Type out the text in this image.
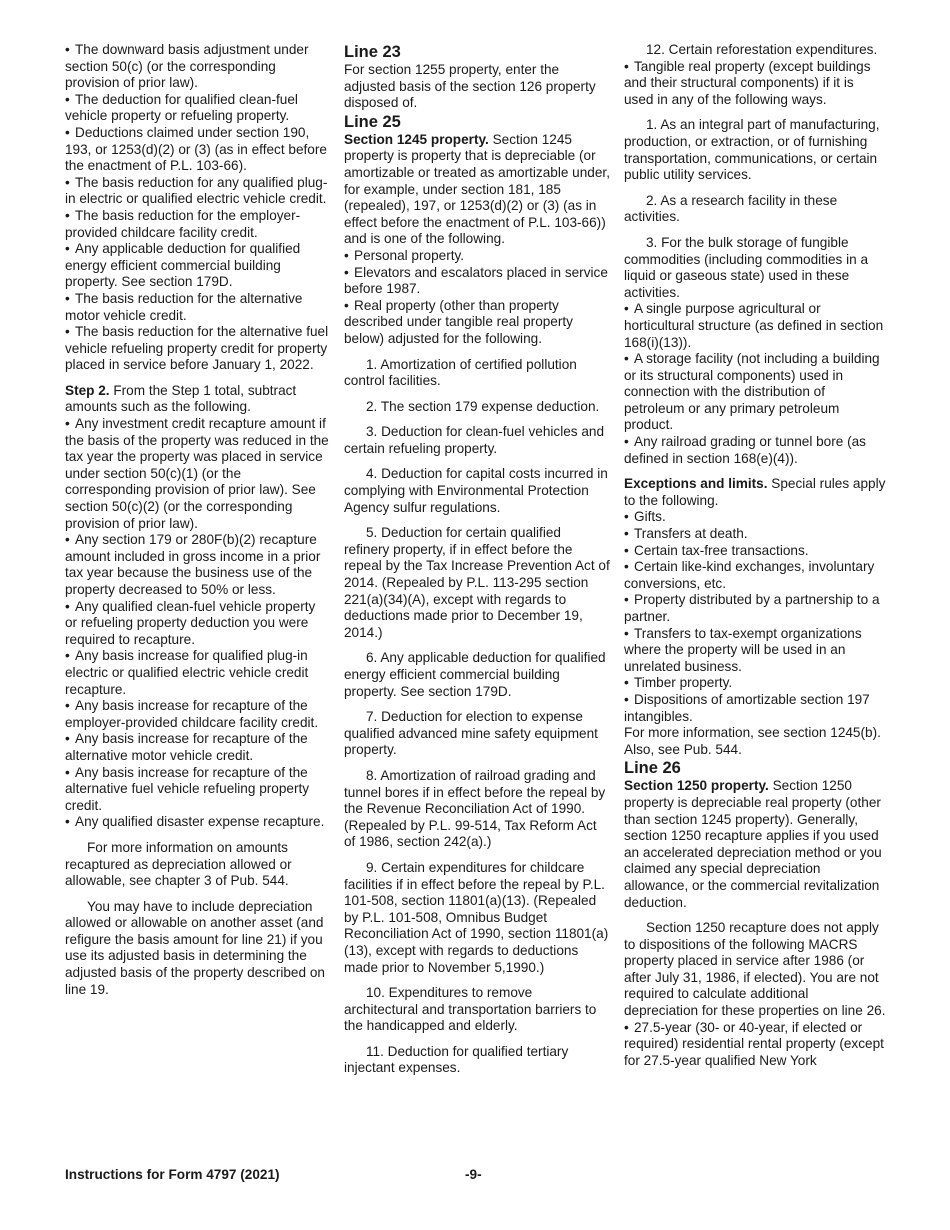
• The downward basis adjustment under section 50(c) (or the corresponding provision of prior law).

• The deduction for qualified clean-fuel vehicle property or refueling property.

• Deductions claimed under section 190, 193, or 1253(d)(2) or (3) (as in effect before the enactment of P.L. 103-66).

• The basis reduction for any qualified plug-in electric or qualified electric vehicle credit.

• The basis reduction for the employer-provided childcare facility credit.

• Any applicable deduction for qualified energy efficient commercial building property. See section 179D.

• The basis reduction for the alternative motor vehicle credit.

• The basis reduction for the alternative fuel vehicle refueling property credit for property placed in service before January 1, 2022.

Step 2. From the Step 1 total, subtract amounts such as the following.

• Any investment credit recapture amount if the basis of the property was reduced in the tax year the property was placed in service under section 50(c)(1) (or the corresponding provision of prior law). See section 50(c)(2) (or the corresponding provision of prior law).

• Any section 179 or 280F(b)(2) recapture amount included in gross income in a prior tax year because the business use of the property decreased to 50% or less.

• Any qualified clean-fuel vehicle property or refueling property deduction you were required to recapture.

• Any basis increase for qualified plug-in electric or qualified electric vehicle credit recapture.

• Any basis increase for recapture of the employer-provided childcare facility credit.

• Any basis increase for recapture of the alternative motor vehicle credit.

• Any basis increase for recapture of the alternative fuel vehicle refueling property credit.

• Any qualified disaster expense recapture.

For more information on amounts recaptured as depreciation allowed or allowable, see chapter 3 of Pub. 544.

You may have to include depreciation allowed or allowable on another asset (and refigure the basis amount for line 21) if you use its adjusted basis in determining the adjusted basis of the property described on line 19.

Line 23

For section 1255 property, enter the adjusted basis of the section 126 property disposed of.

Line 25

Section 1245 property. Section 1245 property is property that is depreciable (or amortizable or treated as amortizable under, for example, under section 181, 185 (repealed), 197, or 1253(d)(2) or (3) (as in effect before the enactment of P.L. 103-66)) and is one of the following.

• Personal property.

• Elevators and escalators placed in service before 1987.

• Real property (other than property described under tangible real property below) adjusted for the following.

1. Amortization of certified pollution control facilities.

2. The section 179 expense deduction.

3. Deduction for clean-fuel vehicles and certain refueling property.

4. Deduction for capital costs incurred in complying with Environmental Protection Agency sulfur regulations.

5. Deduction for certain qualified refinery property, if in effect before the repeal by the Tax Increase Prevention Act of 2014. (Repealed by P.L. 113-295 section 221(a)(34)(A), except with regards to deductions made prior to December 19, 2014.)

6. Any applicable deduction for qualified energy efficient commercial building property. See section 179D.

7. Deduction for election to expense qualified advanced mine safety equipment property.

8. Amortization of railroad grading and tunnel bores if in effect before the repeal by the Revenue Reconciliation Act of 1990. (Repealed by P.L. 99-514, Tax Reform Act of 1986, section 242(a).)

9. Certain expenditures for childcare facilities if in effect before the repeal by P.L. 101-508, section 11801(a)(13). (Repealed by P.L. 101-508, Omnibus Budget Reconciliation Act of 1990, section 11801(a)(13), except with regards to deductions made prior to November 5,1990.)

10. Expenditures to remove architectural and transportation barriers to the handicapped and elderly.

11. Deduction for qualified tertiary injectant expenses.

12. Certain reforestation expenditures.

• Tangible real property (except buildings and their structural components) if it is used in any of the following ways.

1. As an integral part of manufacturing, production, or extraction, or of furnishing transportation, communications, or certain public utility services.

2. As a research facility in these activities.

3. For the bulk storage of fungible commodities (including commodities in a liquid or gaseous state) used in these activities.

• A single purpose agricultural or horticultural structure (as defined in section 168(i)(13)).

• A storage facility (not including a building or its structural components) used in connection with the distribution of petroleum or any primary petroleum product.

• Any railroad grading or tunnel bore (as defined in section 168(e)(4)).

Exceptions and limits. Special rules apply to the following.

• Gifts.

• Transfers at death.

• Certain tax-free transactions.

• Certain like-kind exchanges, involuntary conversions, etc.

• Property distributed by a partnership to a partner.

• Transfers to tax-exempt organizations where the property will be used in an unrelated business.

• Timber property.

• Dispositions of amortizable section 197 intangibles.

For more information, see section 1245(b). Also, see Pub. 544.

Line 26

Section 1250 property. Section 1250 property is depreciable real property (other than section 1245 property). Generally, section 1250 recapture applies if you used an accelerated depreciation method or you claimed any special depreciation allowance, or the commercial revitalization deduction.

Section 1250 recapture does not apply to dispositions of the following MACRS property placed in service after 1986 (or after July 31, 1986, if elected). You are not required to calculate additional depreciation for these properties on line 26.

• 27.5-year (30- or 40-year, if elected or required) residential rental property (except for 27.5-year qualified New York

Instructions for Form 4797 (2021)	-9-
